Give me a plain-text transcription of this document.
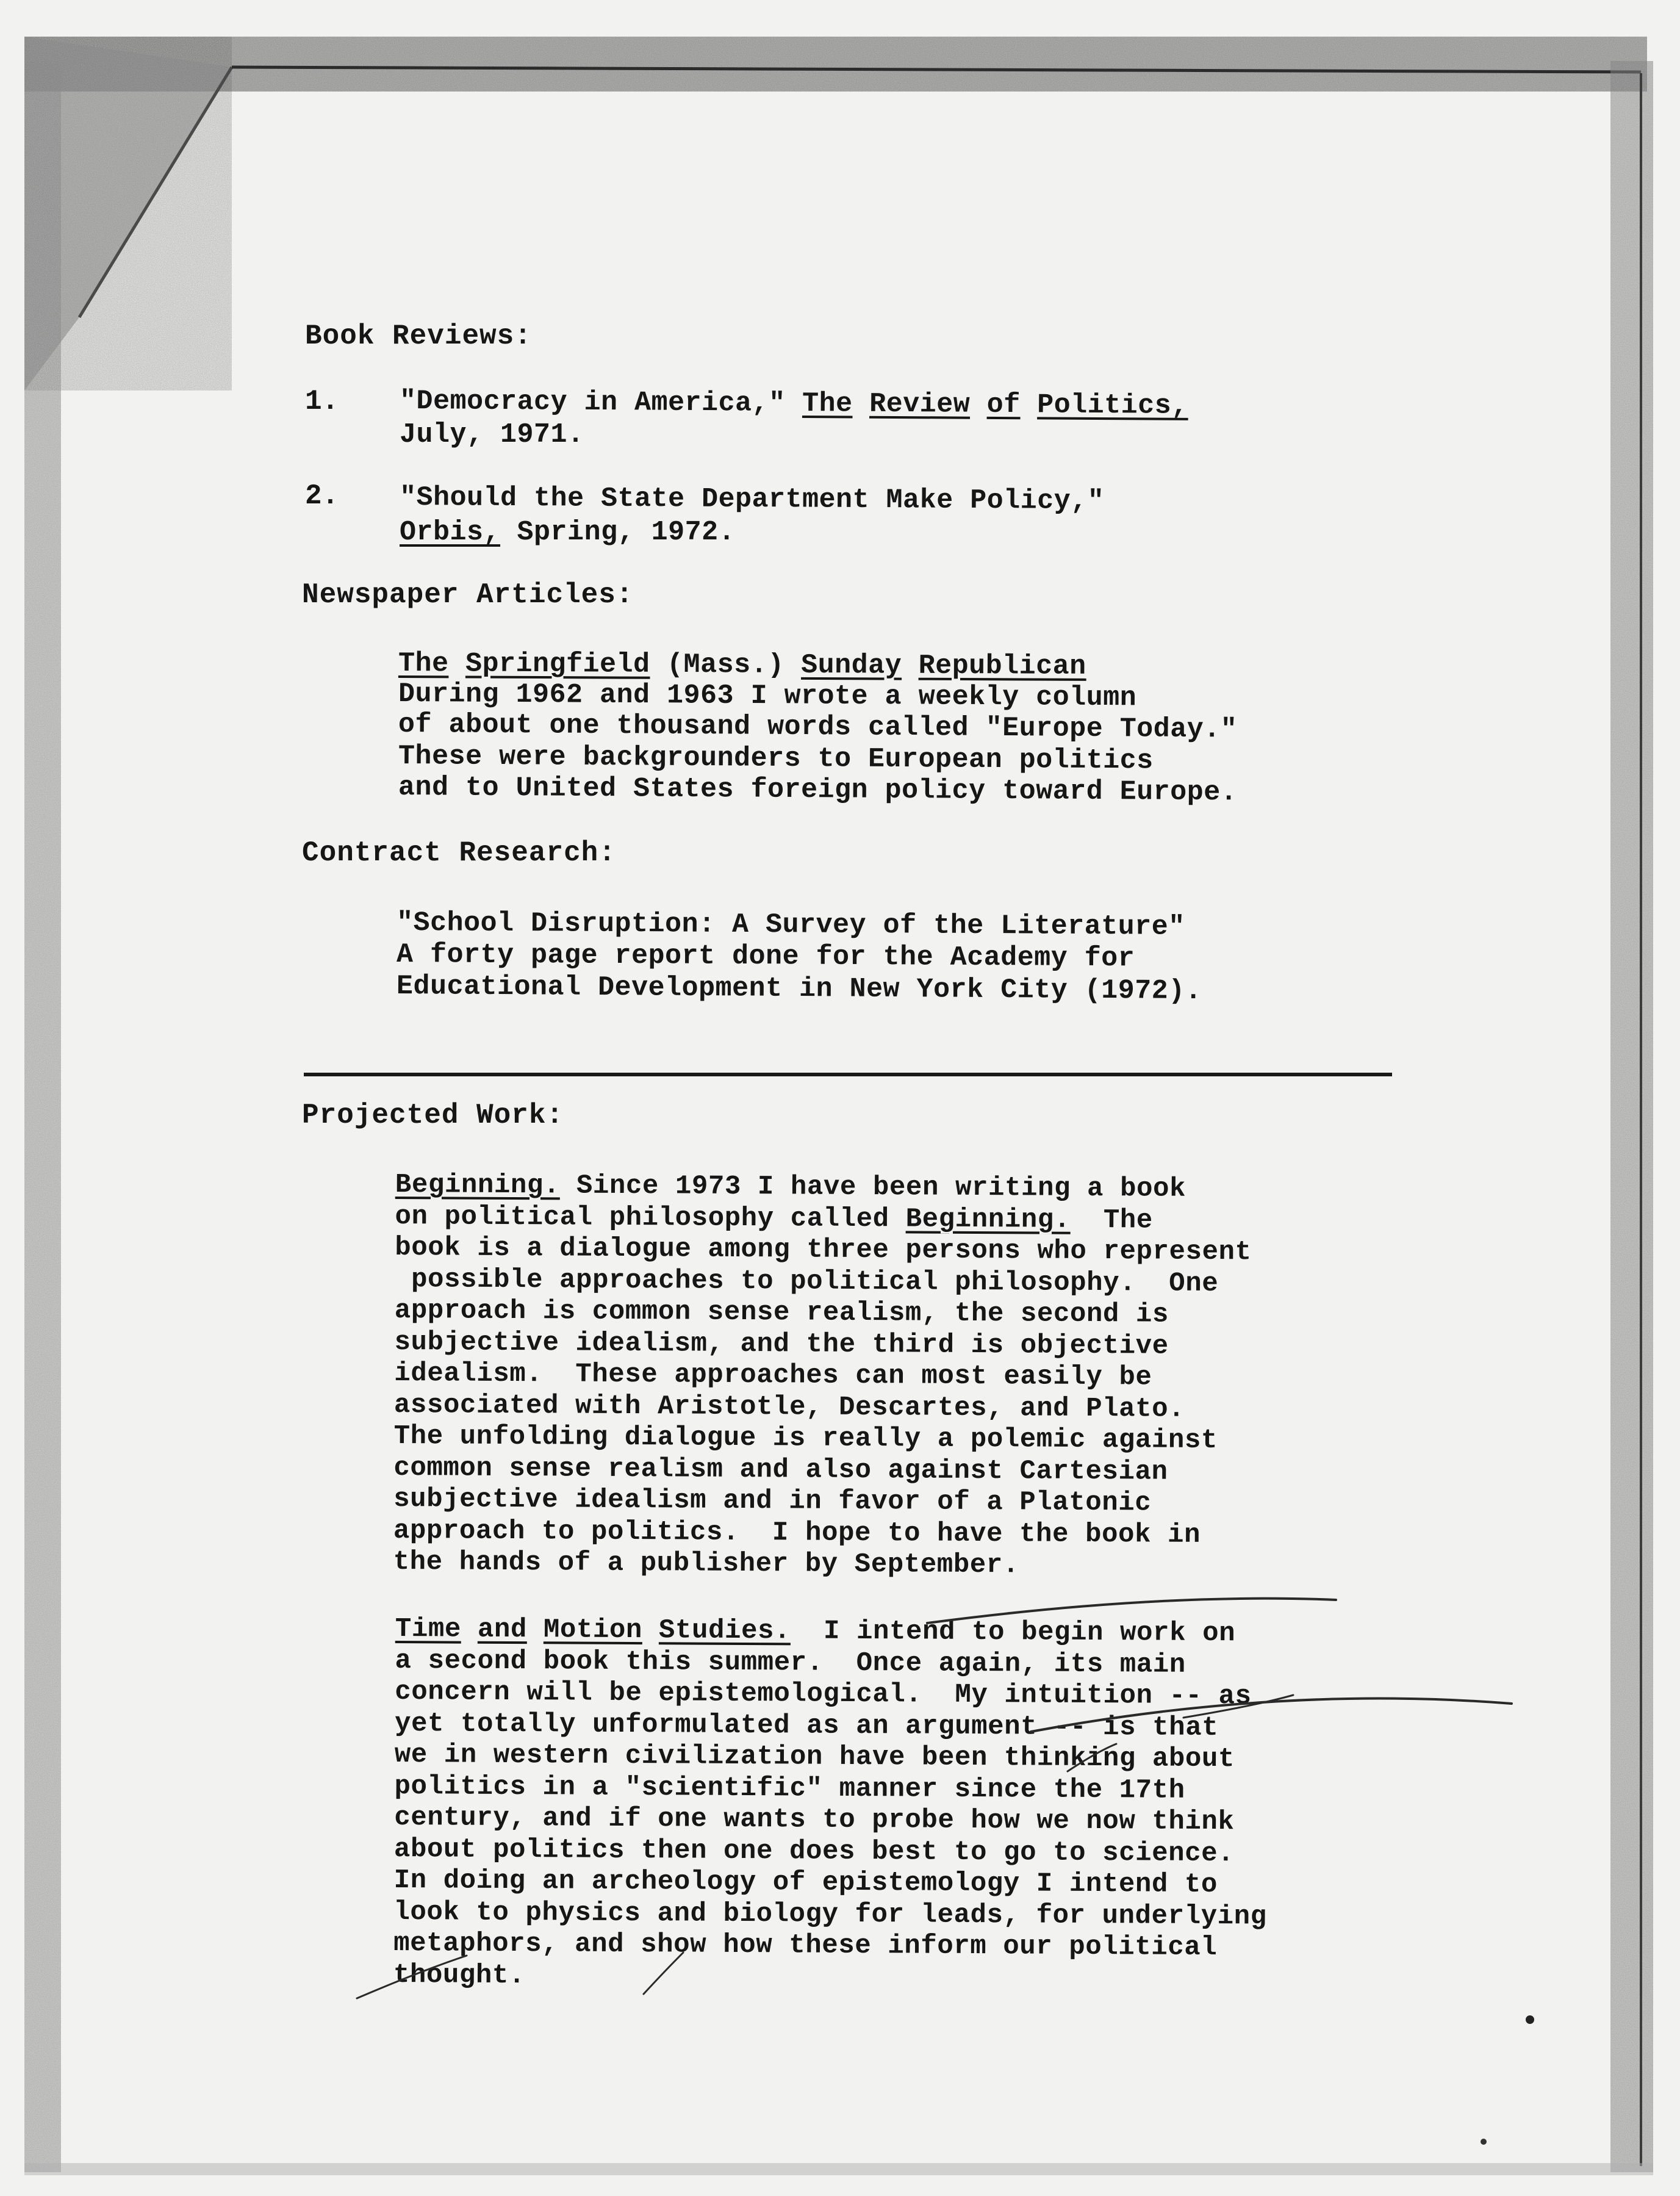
Book Reviews:
1. "Democracy in America," The Review of Politics,
July, 1971.
2. "Should the State Department Make Policy,"
Orbis, Spring, 1972.
Newspaper Articles:
The Springfield (Mass.) Sunday Republican
During 1962 and 1963 I wrote a weekly column
of about one thousand words called "Europe Today."
These were backgrounders to European politics
and to United States foreign policy toward Europe.
Contract Research:
"School Disruption: A Survey of the Literature"
A forty page report done for the Academy for
Educational Development in New York City (1972).
Projected Work:
Beginning. Since 1973 I have been writing a book
on political philosophy called Beginning.  The
book is a dialogue among three persons who represent
possible approaches to political philosophy.  One
approach is common sense realism, the second is
subjective idealism, and the third is objective
idealism.  These approaches can most easily be
associated with Aristotle, Descartes, and Plato.
The unfolding dialogue is really a polemic against
common sense realism and also against Cartesian
subjective idealism and in favor of a Platonic
approach to politics.  I hope to have the book in
the hands of a publisher by September.
Time and Motion Studies.  I intend to begin work on
a second book this summer.  Once again, its main
concern will be epistemological.  My intuition -- as
yet totally unformulated as an argument -- is that
we in western civilization have been thinking about
politics in a "scientific" manner since the 17th
century, and if one wants to probe how we now think
about politics then one does best to go to science.
In doing an archeology of epistemology I intend to
look to physics and biology for leads, for underlying
metaphors, and show how these inform our political
thought.
